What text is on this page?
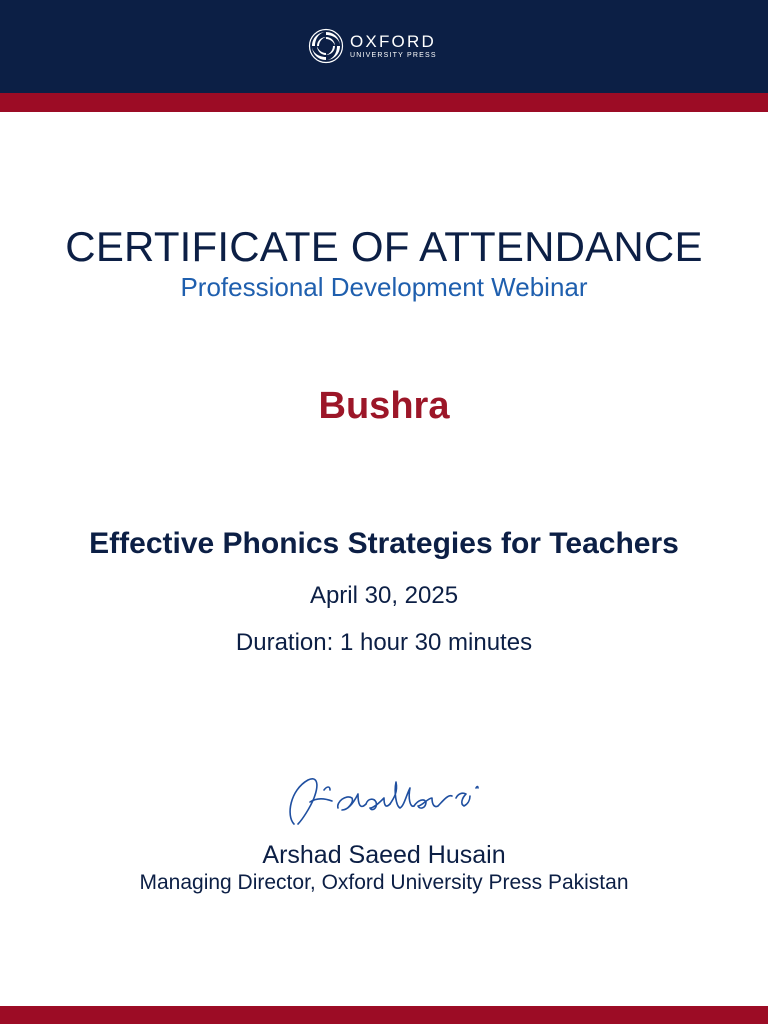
OXFORD
UNIVERSITY PRESS
CERTIFICATE OF ATTENDANCE
Professional Development Webinar
Bushra
Effective Phonics Strategies for Teachers
April 30, 2025
Duration: 1 hour 30 minutes
Arshad Saeed Husain
Managing Director, Oxford University Press Pakistan
